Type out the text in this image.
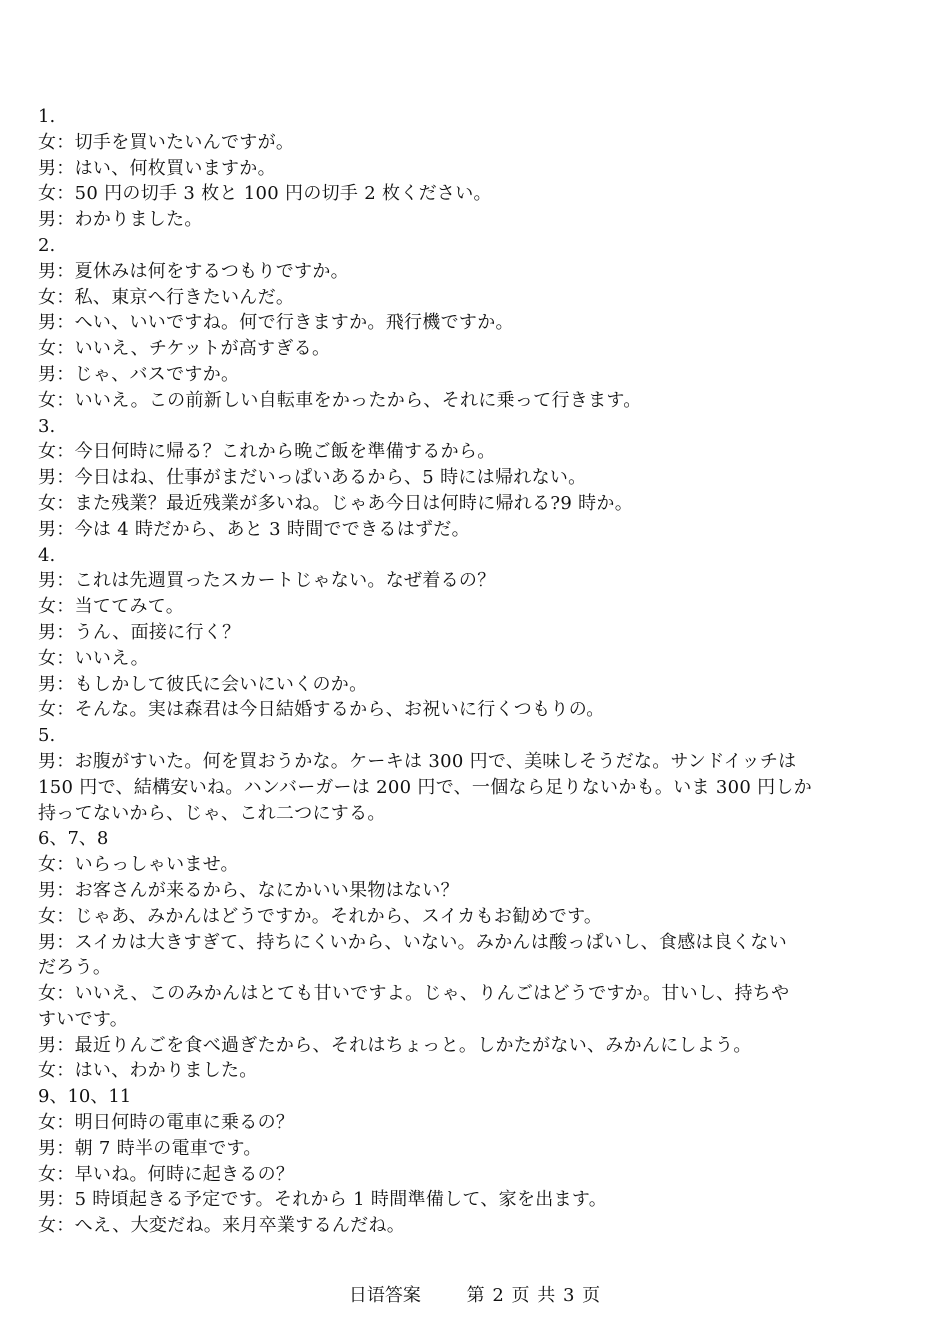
1.
女：切手を買いたいんですが。
男：はい、何枚買いますか。
女：50 円の切手 3 枚と 100 円の切手 2 枚ください。
男：わかりました。
2.
男：夏休みは何をするつもりですか。
女：私、東京へ行きたいんだ。
男：へい、いいですね。何で行きますか。飛行機ですか。
女：いいえ、チケットが高すぎる。
男：じゃ、バスですか。
女：いいえ。この前新しい自転車をかったから、それに乗って行きます。
3.
女：今日何時に帰る？これから晩ご飯を準備するから。
男：今日はね、仕事がまだいっぱいあるから、5 時には帰れない。
女：また残業？最近残業が多いね。じゃあ今日は何時に帰れる?9 時か。
男：今は 4 時だから、あと 3 時間でできるはずだ。
4.
男：これは先週買ったスカートじゃない。なぜ着るの？
女：当ててみて。
男：うん、面接に行く？
女：いいえ。
男：もしかして彼氏に会いにいくのか。
女：そんな。実は森君は今日結婚するから、お祝いに行くつもりの。
5.
男：お腹がすいた。何を買おうかな。ケーキは 300 円で、美味しそうだな。サンドイッチは
150 円で、結構安いね。ハンバーガーは 200 円で、一個なら足りないかも。いま 300 円しか
持ってないから、じゃ、これ二つにする。
6、7、8
女：いらっしゃいませ。
男：お客さんが来るから、なにかいい果物はない？
女：じゃあ、みかんはどうですか。それから、スイカもお勧めです。
男：スイカは大きすぎて、持ちにくいから、いない。みかんは酸っぱいし、食感は良くない
だろう。
女：いいえ、このみかんはとても甘いですよ。じゃ、りんごはどうですか。甘いし、持ちや
すいです。
男：最近りんごを食べ過ぎたから、それはちょっと。しかたがない、みかんにしよう。
女：はい、わかりました。
9、10、11
女：明日何時の電車に乗るの？
男：朝 7 時半の電車です。
女：早いね。何時に起きるの？
男：5 時頃起きる予定です。それから 1 時間準備して、家を出ます。
女：へえ、大変だね。来月卒業するんだね。
日语答案	第 2 页 共 3 页
